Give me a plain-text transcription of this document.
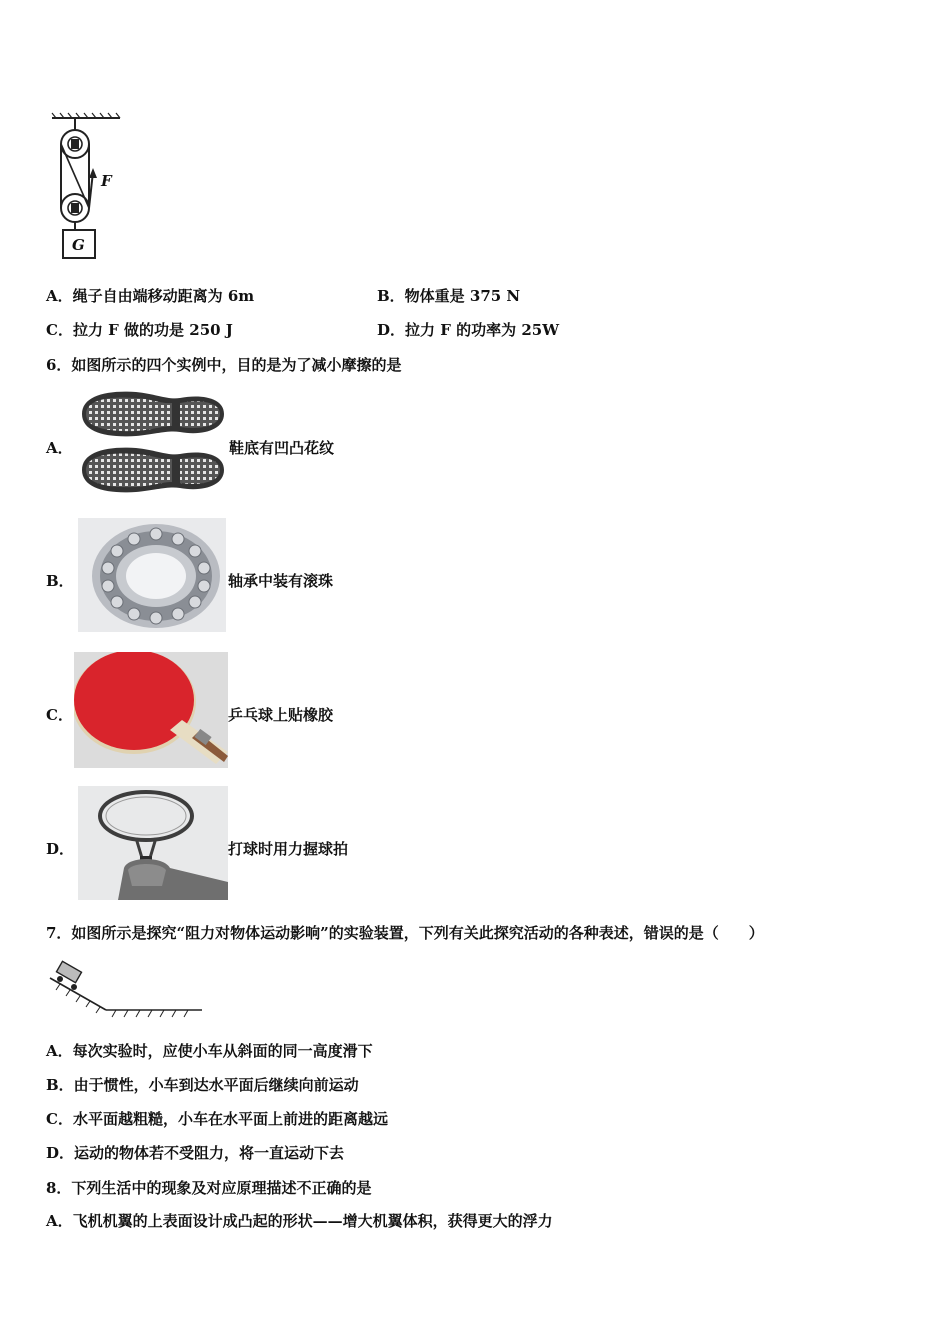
F
G
A．绳子自由端移动距离为 6m	B．物体重是 375 N
C．拉力 F 做的功是 250 J	D．拉力 F 的功率为 25W
6．如图所示的四个实例中，目的是为了减小摩擦的是
A．	鞋底有凹凸花纹
B．	轴承中装有滚珠
C．	乒乓球上贴橡胶
D．	打球时用力握球拍
7．如图所示是探究“阻力对物体运动影响”的实验装置，下列有关此探究活动的各种表述，错误的是（　　）
A．每次实验时，应使小车从斜面的同一高度滑下
B．由于惯性，小车到达水平面后继续向前运动
C．水平面越粗糙，小车在水平面上前进的距离越远
D．运动的物体若不受阻力，将一直运动下去
8．下列生活中的现象及对应原理描述不正确的是
A．飞机机翼的上表面设计成凸起的形状——增大机翼体积，获得更大的浮力
